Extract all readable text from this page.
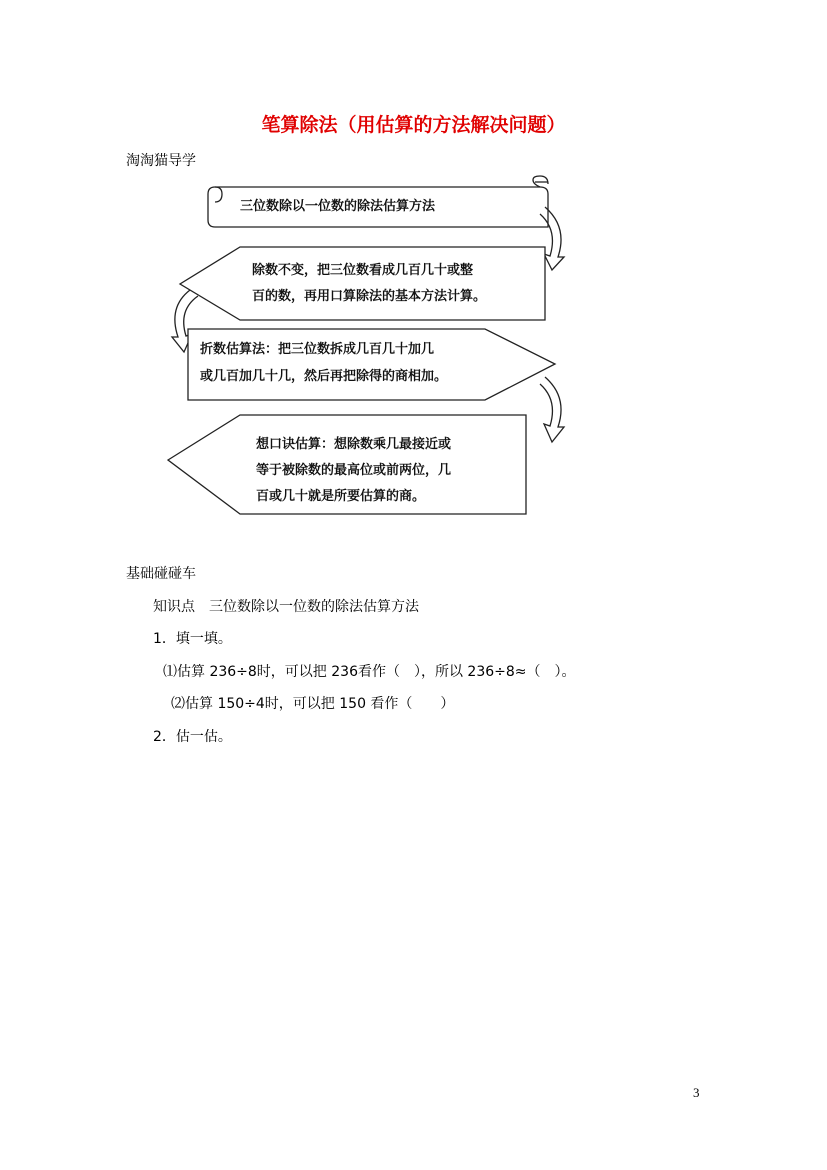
笔算除法（用估算的方法解决问题）
淘淘猫导学
三位数除以一位数的除法估算方法
除数不变，把三位数看成几百几十或整
百的数，再用口算除法的基本方法计算。
折数估算法：把三位数拆成几百几十加几
或几百加几十几，然后再把除得的商相加。
想口诀估算：想除数乘几最接近或
等于被除数的最高位或前两位，几
百或几十就是所要估算的商。
基础碰碰车
知识点　三位数除以一位数的除法估算方法
1．填一填。
⑴估算 236÷8时，可以把 236看作（　），所以 236÷8≈（　）。
⑵估算 150÷4时，可以把 150 看作（　　）
2．估一估。
3
